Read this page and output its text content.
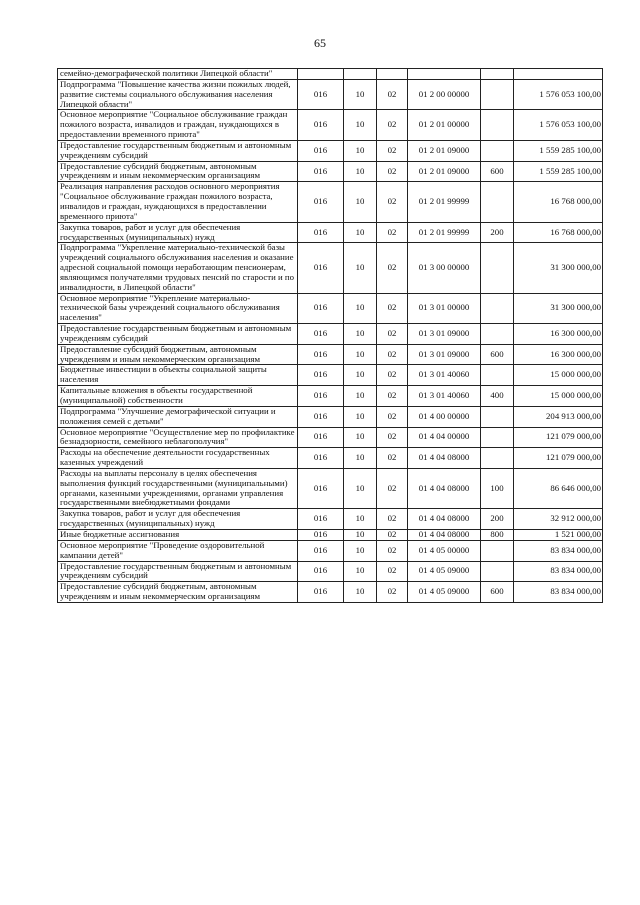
65
семейно-демографической политики Липецкой области"						
Подпрограмма "Повышение качества жизни пожилых людей, развитие системы социального обслуживания населения Липецкой области"	016	10	02	01 2 00 00000		1 576 053 100,00
Основное мероприятие "Социальное обслуживание граждан пожилого возраста, инвалидов и граждан, нуждающихся в предоставлении временного приюта"	016	10	02	01 2 01 00000		1 576 053 100,00
Предоставление государственным бюджетным и автономным учреждениям субсидий	016	10	02	01 2 01 09000		1 559 285 100,00
Предоставление субсидий бюджетным, автономным учреждениям и иным некоммерческим организациям	016	10	02	01 2 01 09000	600	1 559 285 100,00
Реализация направления расходов основного мероприятия "Социальное обслуживание граждан пожилого возраста, инвалидов и граждан, нуждающихся в предоставлении временного приюта"	016	10	02	01 2 01 99999		16 768 000,00
Закупка товаров, работ и услуг для обеспечения государственных (муниципальных) нужд	016	10	02	01 2 01 99999	200	16 768 000,00
Подпрограмма "Укрепление материально-технической базы учреждений социального обслуживания населения и оказание адресной социальной помощи неработающим пенсионерам, являющимся получателями трудовых пенсий по старости и по инвалидности, в Липецкой области"	016	10	02	01 3 00 00000		31 300 000,00
Основное мероприятие "Укрепление материально-технической базы учреждений социального обслуживания населения"	016	10	02	01 3 01 00000		31 300 000,00
Предоставление государственным бюджетным и автономным учреждениям субсидий	016	10	02	01 3 01 09000		16 300 000,00
Предоставление субсидий бюджетным, автономным учреждениям и иным некоммерческим организациям	016	10	02	01 3 01 09000	600	16 300 000,00
Бюджетные инвестиции в объекты социальной защиты населения	016	10	02	01 3 01 40060		15 000 000,00
Капитальные вложения в объекты государственной (муниципальной) собственности	016	10	02	01 3 01 40060	400	15 000 000,00
Подпрограмма "Улучшение демографической ситуации и положения семей с детьми"	016	10	02	01 4 00 00000		204 913 000,00
Основное мероприятие "Осуществление мер по профилактике безнадзорности, семейного неблагополучия"	016	10	02	01 4 04 00000		121 079 000,00
Расходы на обеспечение деятельности государственных казенных учреждений	016	10	02	01 4 04 08000		121 079 000,00
Расходы на выплаты персоналу в целях обеспечения выполнения функций государственными (муниципальными) органами, казенными учреждениями, органами управления государственными внебюджетными фондами	016	10	02	01 4 04 08000	100	86 646 000,00
Закупка товаров, работ и услуг для обеспечения государственных (муниципальных) нужд	016	10	02	01 4 04 08000	200	32 912 000,00
Иные бюджетные ассигнования	016	10	02	01 4 04 08000	800	1 521 000,00
Основное мероприятие "Проведение оздоровительной кампании детей"	016	10	02	01 4 05 00000		83 834 000,00
Предоставление государственным бюджетным и автономным учреждениям субсидий	016	10	02	01 4 05 09000		83 834 000,00
Предоставление субсидий бюджетным, автономным учреждениям и иным некоммерческим организациям	016	10	02	01 4 05 09000	600	83 834 000,00
